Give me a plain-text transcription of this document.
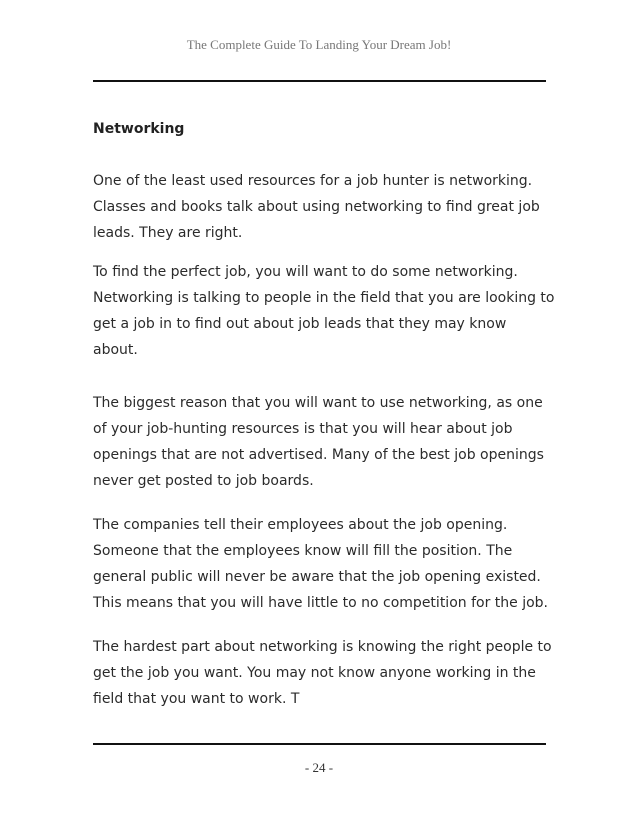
The Complete Guide To Landing Your Dream Job!
Networking

One of the least used resources for a job hunter is networking.
Classes and books talk about using networking to find great job
leads. They are right.

To find the perfect job, you will want to do some networking.
Networking is talking to people in the field that you are looking to
get a job in to find out about job leads that they may know
about.

The biggest reason that you will want to use networking, as one
of your job-hunting resources is that you will hear about job
openings that are not advertised. Many of the best job openings
never get posted to job boards.

The companies tell their employees about the job opening.
Someone that the employees know will fill the position. The
general public will never be aware that the job opening existed.
This means that you will have little to no competition for the job.

The hardest part about networking is knowing the right people to
get the job you want. You may not know anyone working in the
field that you want to work. T

- 24 -
